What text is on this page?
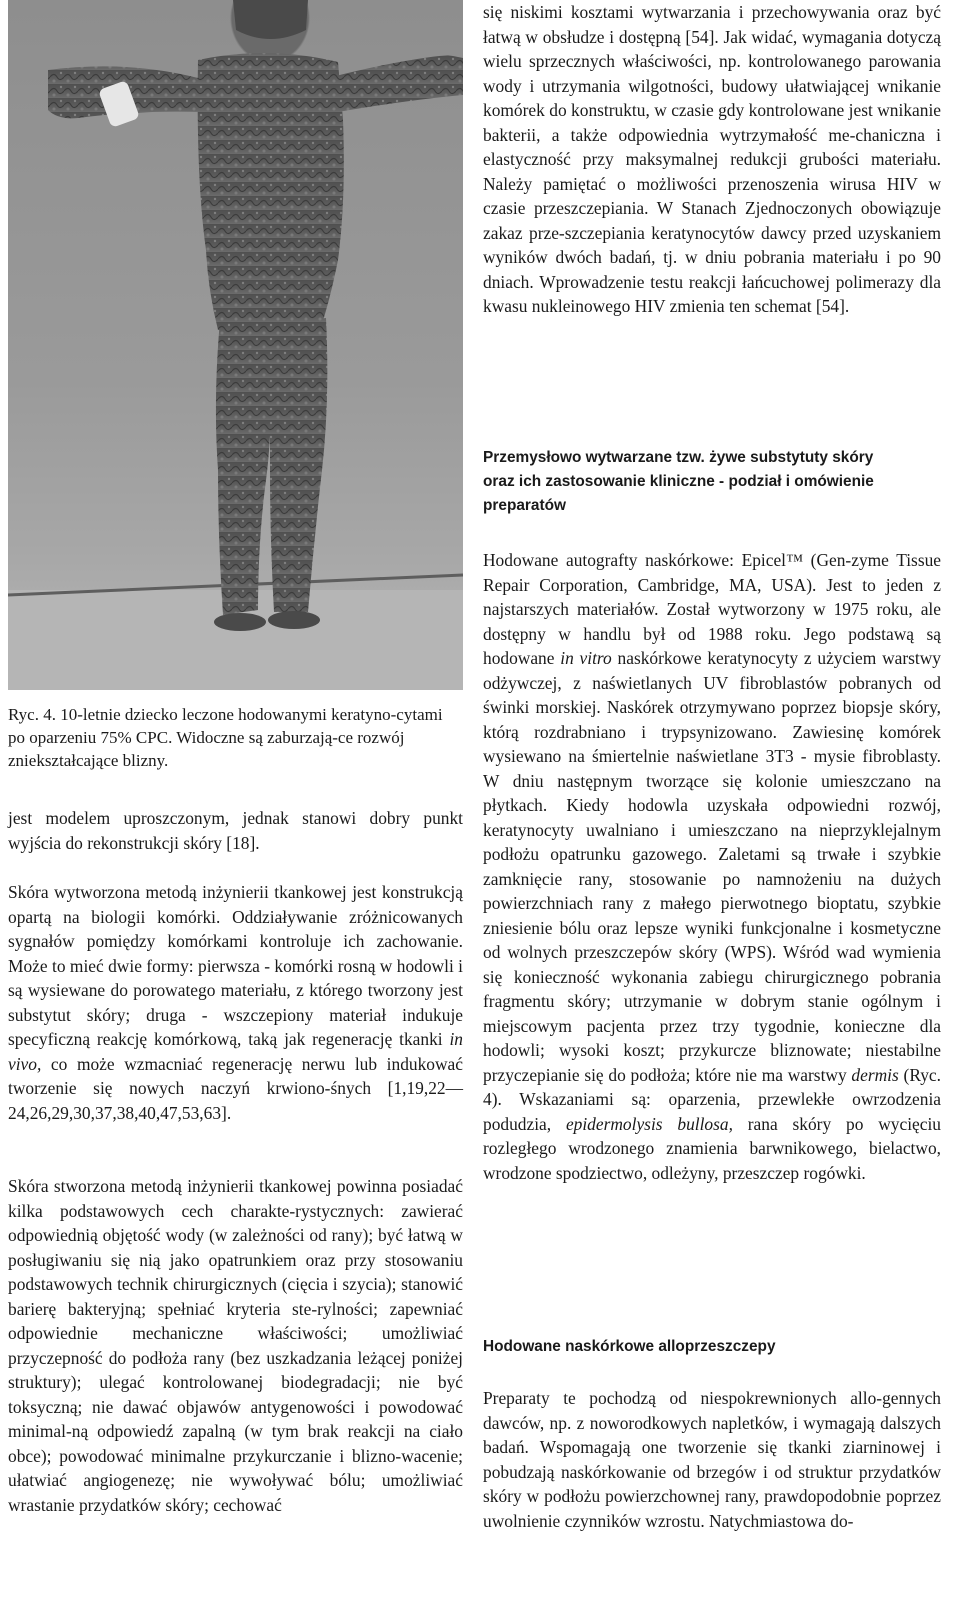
Ryc. 4. 10-letnie dziecko leczone hodowanymi keratyno-cytami po oparzeniu 75% CPC. Widoczne są zaburzają-ce rozwój zniekształcające blizny.

jest modelem uproszczonym, jednak stanowi dobry punkt wyjścia do rekonstrukcji skóry [18].

Skóra wytworzona metodą inżynierii tkankowej jest konstrukcją opartą na biologii komórki. Oddziaływanie zróżnicowanych sygnałów pomiędzy komórkami kontroluje ich zachowanie. Może to mieć dwie formy: pierwsza - komórki rosną w hodowli i są wysiewane do porowatego materiału, z którego tworzony jest substytut skóry; druga - wszczepiony materiał indukuje specyficzną reakcję komórkową, taką jak regenerację tkanki in vivo, co może wzmacniać regenerację nerwu lub indukować tworzenie się nowych naczyń krwiono-śnych [1,19,22—24,26,29,30,37,38,40,47,53,63].

Skóra stworzona metodą inżynierii tkankowej powinna posiadać kilka podstawowych cech charakte-rystycznych: zawierać odpowiednią objętość wody (w zależności od rany); być łatwą w posługiwaniu się nią jako opatrunkiem oraz przy stosowaniu podstawowych technik chirurgicznych (cięcia i szycia); stanowić barierę bakteryjną; spełniać kryteria ste-rylności; zapewniać odpowiednie mechaniczne właściwości; umożliwiać przyczepność do podłoża rany (bez uszkadzania leżącej poniżej struktury); ulegać kontrolowanej biodegradacji; nie być toksyczną; nie dawać objawów antygenowości i powodować minimal-ną odpowiedź zapalną (w tym brak reakcji na ciało obce); powodować minimalne przykurczanie i blizno-wacenie; ułatwiać angiogenezę; nie wywoływać bólu; umożliwiać wrastanie przydatków skóry; cechować

się niskimi kosztami wytwarzania i przechowywania oraz być łatwą w obsłudze i dostępną [54]. Jak widać, wymagania dotyczą wielu sprzecznych właściwości, np. kontrolowanego parowania wody i utrzymania wilgotności, budowy ułatwiającej wnikanie komórek do konstruktu, w czasie gdy kontrolowane jest wnikanie bakterii, a także odpowiednia wytrzymałość me-chaniczna i elastyczność przy maksymalnej redukcji grubości materiału. Należy pamiętać o możliwości przenoszenia wirusa HIV w czasie przeszczepiania. W Stanach Zjednoczonych obowiązuje zakaz prze-szczepiania keratynocytów dawcy przed uzyskaniem wyników dwóch badań, tj. w dniu pobrania materiału i po 90 dniach. Wprowadzenie testu reakcji łańcuchowej polimerazy dla kwasu nukleinowego HIV zmienia ten schemat [54].

Przemysłowo wytwarzane tzw. żywe substytuty skóry oraz ich zastosowanie kliniczne - podział i omówienie preparatów

Hodowane autografty naskórkowe: Epicel™ (Gen-zyme Tissue Repair Corporation, Cambridge, MA, USA). Jest to jeden z najstarszych materiałów. Został wytworzony w 1975 roku, ale dostępny w handlu był od 1988 roku. Jego podstawą są hodowane in vitro naskórkowe keratynocyty z użyciem warstwy odżywczej, z naświetlanych UV fibroblastów pobranych od świnki morskiej. Naskórek otrzymywano poprzez biopsje skóry, którą rozdrabniano i trypsynizowano. Zawiesinę komórek wysiewano na śmiertelnie naświetlane 3T3 - mysie fibroblasty. W dniu następnym tworzące się kolonie umieszczano na płytkach. Kiedy hodowla uzyskała odpowiedni rozwój, keratynocyty uwalniano i umieszczano na nieprzyklejalnym podłożu opatrunku gazowego. Zaletami są trwałe i szybkie zamknięcie rany, stosowanie po namnożeniu na dużych powierzchniach rany z małego pierwotnego bioptatu, szybkie zniesienie bólu oraz lepsze wyniki funkcjonalne i kosmetyczne od wolnych przeszczepów skóry (WPS). Wśród wad wymienia się konieczność wykonania zabiegu chirurgicznego pobrania fragmentu skóry; utrzymanie w dobrym stanie ogólnym i miejscowym pacjenta przez trzy tygodnie, konieczne dla hodowli; wysoki koszt; przykurcze bliznowate; niestabilne przyczepianie się do podłoża; które nie ma warstwy dermis (Ryc. 4). Wskazaniami są: oparzenia, przewlekłe owrzodzenia podudzia, epidermolysis bullosa, rana skóry po wycięciu rozległego wrodzonego znamienia barwnikowego, bielactwo, wrodzone spodziectwo, odleżyny, przeszczep rogówki.

Hodowane naskórkowe alloprzeszczepy

Preparaty te pochodzą od niespokrewnionych allo-gennych dawców, np. z noworodkowych napletków, i wymagają dalszych badań. Wspomagają one tworzenie się tkanki ziarninowej i pobudzają naskórkowanie od brzegów i od struktur przydatków skóry w podłożu powierzchownej rany, prawdopodobnie poprzez uwolnienie czynników wzrostu. Natychmiastowa do-
